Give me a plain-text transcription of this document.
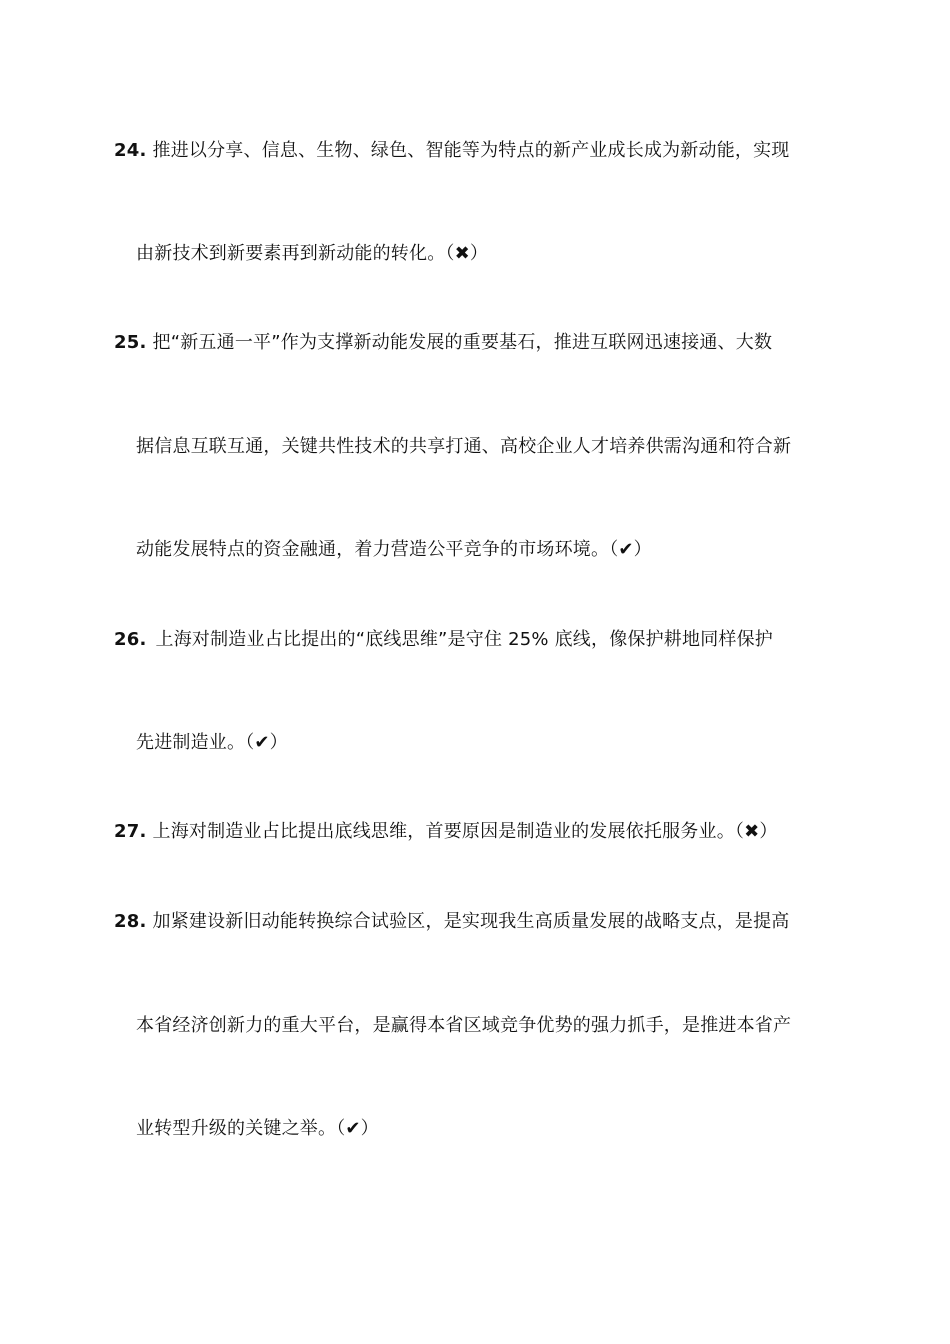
24. 推进以分享、信息、生物、绿色、智能等为特点的新产业成长成为新动能，实现
由新技术到新要素再到新动能的转化。（✖）
25. 把“新五通一平”作为支撑新动能发展的重要基石，推进互联网迅速接通、大数
据信息互联互通，关键共性技术的共享打通、高校企业人才培养供需沟通和符合新
动能发展特点的资金融通，着力营造公平竞争的市场环境。（✔）
26. 上海对制造业占比提出的“底线思维”是守住 25% 底线，像保护耕地同样保护
先进制造业。（✔）
27. 上海对制造业占比提出底线思维，首要原因是制造业的发展依托服务业。（✖）
28. 加紧建设新旧动能转换综合试验区，是实现我生高质量发展的战略支点，是提高
本省经济创新力的重大平台，是赢得本省区域竞争优势的强力抓手，是推进本省产
业转型升级的关键之举。（✔）
